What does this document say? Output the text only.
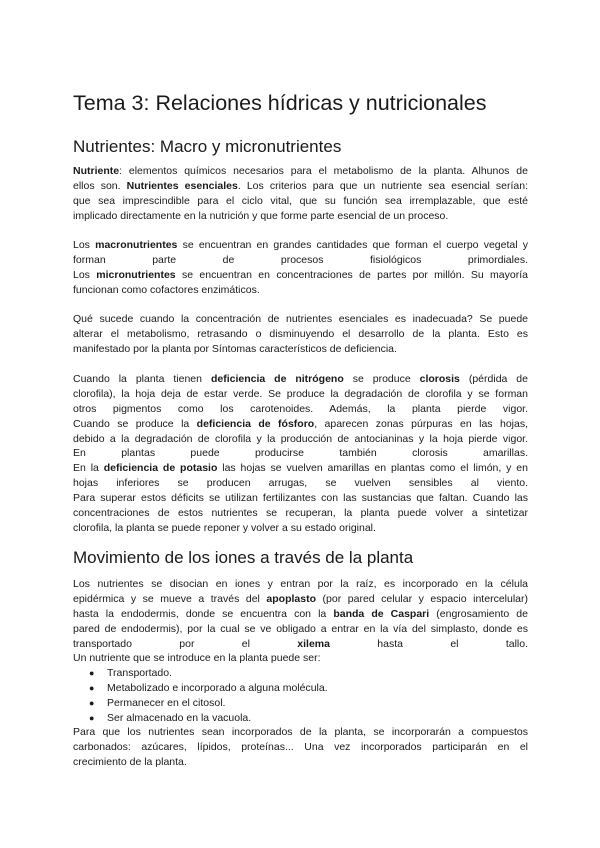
Tema 3: Relaciones hídricas y nutricionales
Nutrientes: Macro y micronutrientes
Nutriente: elementos químicos necesarios para el metabolismo de la planta. Alhunos de
ellos son. Nutrientes esenciales. Los criterios para que un nutriente sea esencial serían:
que sea imprescindible para el ciclo vital, que su función sea irremplazable, que esté
implicado directamente en la nutrición y que forme parte esencial de un proceso.
Los macronutrientes se encuentran en grandes cantidades que forman el cuerpo vegetal y
forman parte de procesos fisiológicos primordiales.
Los micronutrientes se encuentran en concentraciones de partes por millón. Su mayoría
funcionan como cofactores enzimáticos.
Qué sucede cuando la concentración de nutrientes esenciales es inadecuada? Se puede
alterar el metabolismo, retrasando o disminuyendo el desarrollo de la planta. Esto es
manifestado por la planta por Síntomas característicos de deficiencia.
Cuando la planta tienen deficiencia de nitrógeno se produce clorosis (pérdida de
clorofila), la hoja deja de estar verde. Se produce la degradación de clorofila y se forman
otros pigmentos como los carotenoides. Además, la planta pierde vigor.
Cuando se produce la deficiencia de fósforo, aparecen zonas púrpuras en las hojas,
debido a la degradación de clorofila y la producción de antocianinas y la hoja pierde vigor.
En plantas puede producirse también clorosis amarillas.
En la deficiencia de potasio las hojas se vuelven amarillas en plantas como el limón, y en
hojas inferiores se producen arrugas, se vuelven sensibles al viento.
Para superar estos déficits se utilizan fertilizantes con las sustancias que faltan. Cuando las
concentraciones de estos nutrientes se recuperan, la planta puede volver a sintetizar
clorofila, la planta se puede reponer y volver a su estado original.
Movimiento de los iones a través de la planta
Los nutrientes se disocian en iones y entran por la raíz, es incorporado en la célula
epidérmica y se mueve a través del apoplasto (por pared celular y espacio intercelular)
hasta la endodermis, donde se encuentra con la banda de Caspari (engrosamiento de
pared de endodermis), por la cual se ve obligado a entrar en la vía del simplasto, donde es
transportado por el xilema hasta el tallo.
Un nutriente que se introduce en la planta puede ser:
● Transportado.
● Metabolizado e incorporado a alguna molécula.
● Permanecer en el citosol.
● Ser almacenado en la vacuola.
Para que los nutrientes sean incorporados de la planta, se incorporarán a compuestos
carbonados: azúcares, lípidos, proteínas... Una vez incorporados participarán en el
crecimiento de la planta.
